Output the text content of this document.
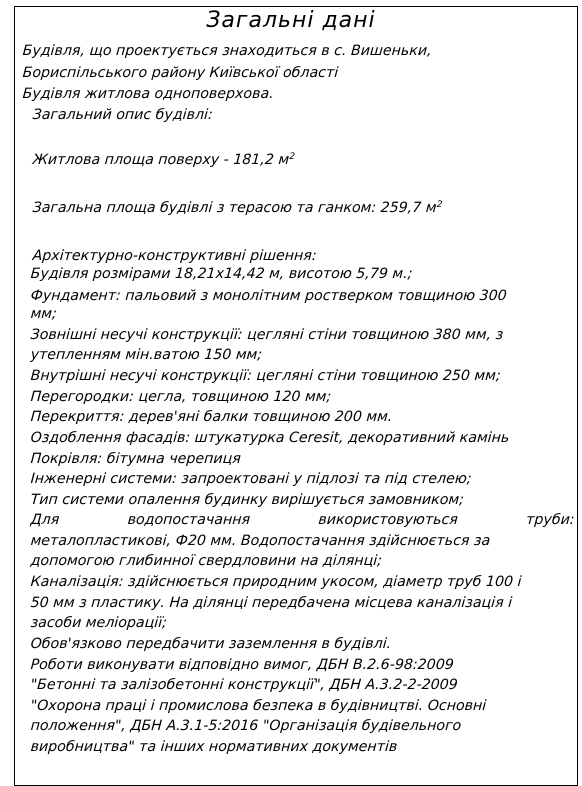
Загальні дані
Будівля, що проектується знаходиться в с. Вишеньки,
Бориспільського району Київської області
Будівля житлова одноповерхова.
Загальний опис будівлі:
Житлова площа поверху - 181,2 $м^2$
Загальна площа будівлі з терасою та ганком: 259,7 $м^2$
Архітектурно-конструктивні рішення:
Будівля розмірами 18,21х14,42 м, висотою 5,79 м.;
Фундамент: пальовий з монолітним ростверком товщиною 300
мм;
Зовнішні несучі конструкції: цегляні стіни товщиною 380 мм, з
утепленням мін.ватою 150 мм;
Внутрішні несучі конструкції: цегляні стіни товщиною 250 мм;
Перегородки: цегла, товщиною 120 мм;
Перекриття: дерев'яні балки товщиною 200 мм.
Оздоблення фасадів: штукатурка Ceresit, декоративний камінь
Покрівля: бітумна черепиця
Інженерні системи: запроектовані у підлозі та під стелею;
Тип системи опалення будинку вирішується замовником;
Для	водопостачання	використовуються	труби:
металопластикові, Ф20 мм. Водопостачання здійснюється за
допомогою глибинної свердловини на ділянці;
Каналізація: здійснюється природним укосом, діаметр труб 100 і
50 мм з пластику. На ділянці передбачена місцева каналізація і
засоби меліорації;
Обов'язково передбачити заземлення в будівлі.
Роботи виконувати відповідно вимог, ДБН В.2.6-98:2009
"Бетонні та залізобетонні конструкції", ДБН А.3.2-2-2009
"Охорона праці і промислова безпека в будівництві. Основні
положення", ДБН А.3.1-5:2016 "Організація будівельного
виробництва" та інших нормативних документів
